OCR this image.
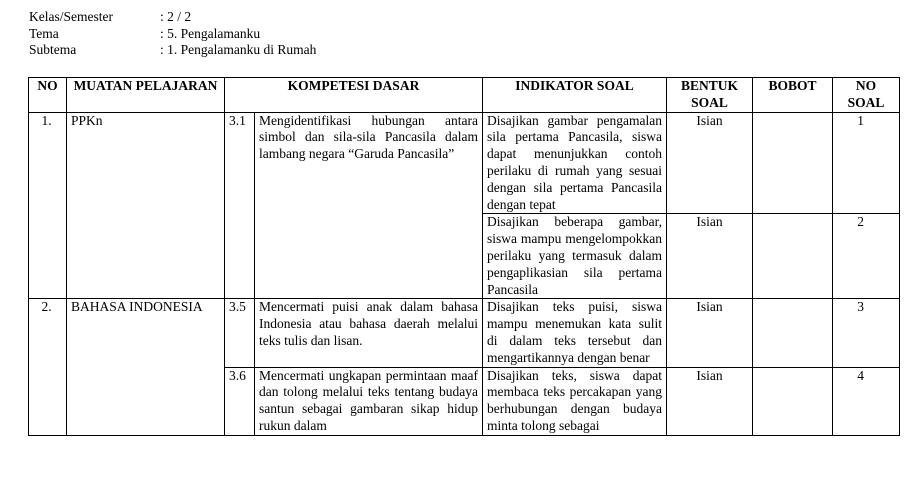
Kelas/Semester	: 2 / 2
Tema	: 5. Pengalamanku
Subtema	: 1. Pengalamanku di Rumah
NO	MUATAN PELAJARAN	KOMPETESI DASAR		INDIKATOR SOAL	BENTUK SOAL	BOBOT	NO SOAL
1.	PPKn	3.1	Mengidentifikasi hubungan antara simbol dan sila-sila Pancasila dalam lambang negara “Garuda Pancasila”	Disajikan gambar pengamalan sila pertama Pancasila, siswa dapat menunjukkan contoh perilaku di rumah yang sesuai dengan sila pertama Pancasila dengan tepat	Isian		1
				Disajikan beberapa gambar, siswa mampu mengelompokkan perilaku yang termasuk dalam pengaplikasian sila pertama Pancasila	Isian		2
2.	BAHASA INDONESIA	3.5	Mencermati puisi anak dalam bahasa Indonesia atau bahasa daerah melalui teks tulis dan lisan.	Disajikan teks puisi, siswa mampu menemukan kata sulit di dalam teks tersebut dan mengartikannya dengan benar	Isian		3
		3.6	Mencermati ungkapan permintaan maaf dan tolong melalui teks tentang budaya santun sebagai gambaran sikap hidup rukun dalam	Disajikan teks, siswa dapat membaca teks percakapan yang berhubungan dengan budaya minta tolong sebagai	Isian		4
